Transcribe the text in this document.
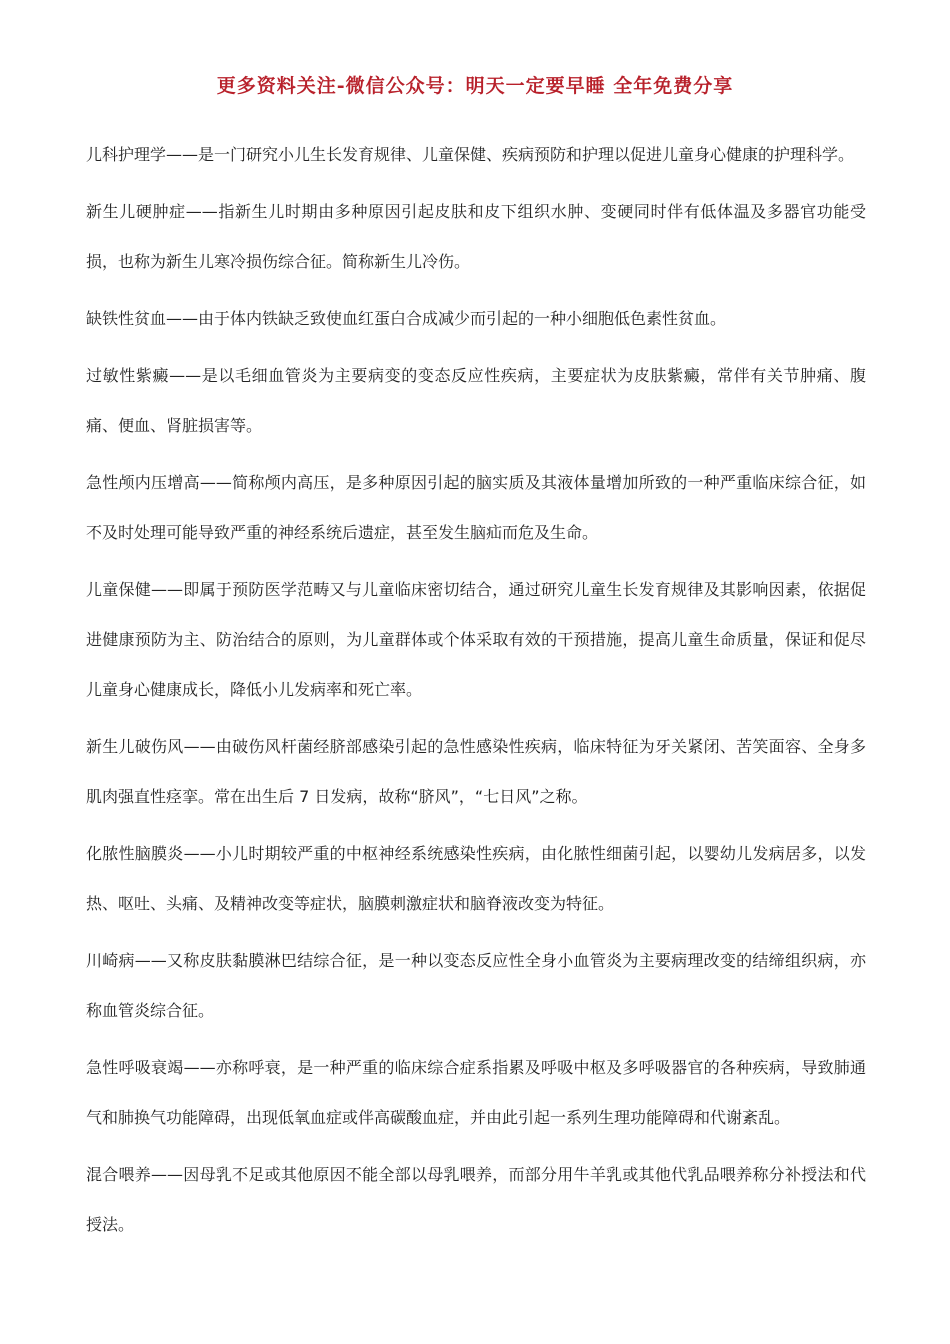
更多资料关注-微信公众号：明天一定要早睡 全年免费分享

儿科护理学——是一门研究小儿生长发育规律、儿童保健、疾病预防和护理以促进儿童身心健康的护理科学。

新生儿硬肿症——指新生儿时期由多种原因引起皮肤和皮下组织水肿、变硬同时伴有低体温及多器官功能受损，也称为新生儿寒冷损伤综合征。简称新生儿冷伤。

缺铁性贫血——由于体内铁缺乏致使血红蛋白合成减少而引起的一种小细胞低色素性贫血。

过敏性紫癜——是以毛细血管炎为主要病变的变态反应性疾病，主要症状为皮肤紫癜，常伴有关节肿痛、腹痛、便血、肾脏损害等。

急性颅内压增高——简称颅内高压，是多种原因引起的脑实质及其液体量增加所致的一种严重临床综合征，如不及时处理可能导致严重的神经系统后遗症，甚至发生脑疝而危及生命。

儿童保健——即属于预防医学范畴又与儿童临床密切结合，通过研究儿童生长发育规律及其影响因素，依据促进健康预防为主、防治结合的原则，为儿童群体或个体采取有效的干预措施，提高儿童生命质量，保证和促尽儿童身心健康成长，降低小儿发病率和死亡率。

新生儿破伤风——由破伤风杆菌经脐部感染引起的急性感染性疾病，临床特征为牙关紧闭、苦笑面容、全身多肌肉强直性痉挛。常在出生后 7 日发病，故称“脐风”，“七日风”之称。

化脓性脑膜炎——小儿时期较严重的中枢神经系统感染性疾病，由化脓性细菌引起，以婴幼儿发病居多，以发热、呕吐、头痛、及精神改变等症状，脑膜刺激症状和脑脊液改变为特征。

川崎病——又称皮肤黏膜淋巴结综合征，是一种以变态反应性全身小血管炎为主要病理改变的结缔组织病，亦称血管炎综合征。

急性呼吸衰竭——亦称呼衰，是一种严重的临床综合症系指累及呼吸中枢及多呼吸器官的各种疾病，导致肺通气和肺换气功能障碍，出现低氧血症或伴高碳酸血症，并由此引起一系列生理功能障碍和代谢紊乱。

混合喂养——因母乳不足或其他原因不能全部以母乳喂养，而部分用牛羊乳或其他代乳品喂养称分补授法和代授法。
